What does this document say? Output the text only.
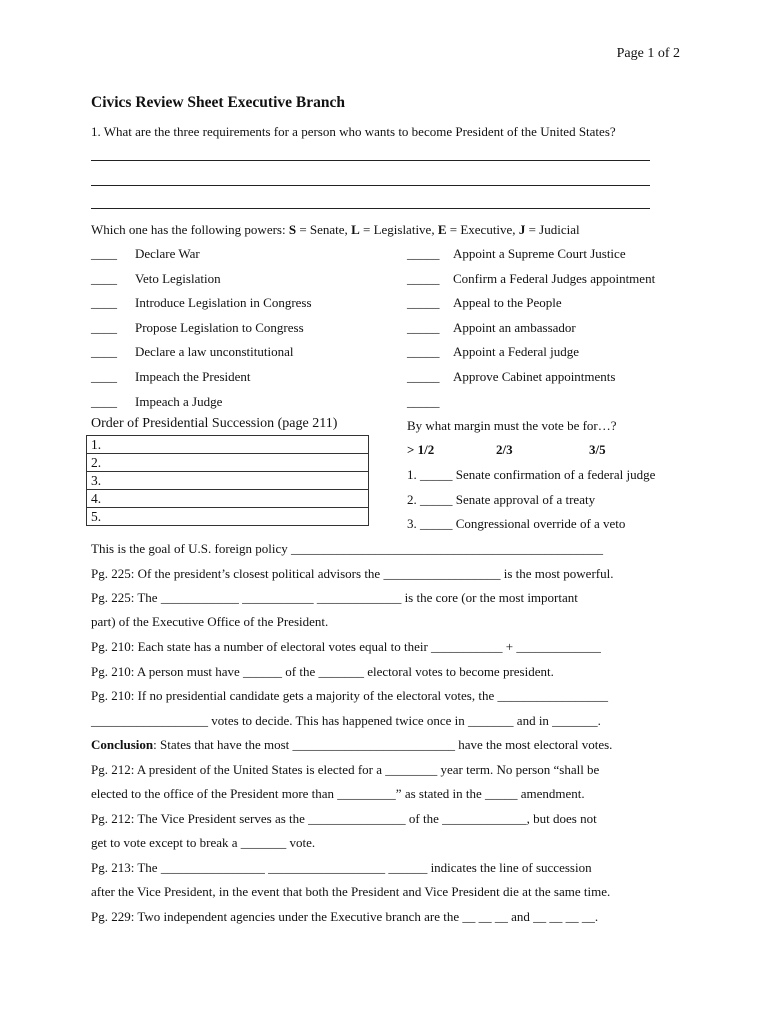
Page 1 of 2
Civics Review Sheet Executive Branch
1. What are the three requirements for a person who wants to become President of the United States?
Which one has the following powers: S = Senate, L = Legislative, E = Executive, J = Judicial
____ Declare War
____ Veto Legislation
____ Introduce Legislation in Congress
____ Propose Legislation to Congress
____ Declare a law unconstitutional
____ Impeach the President
____ Impeach a Judge
_____ Appoint a Supreme Court Justice
_____ Confirm a Federal Judges appointment
_____ Appeal to the People
_____ Appoint an ambassador
_____ Appoint a Federal judge
_____ Approve Cabinet appointments
_____
Order of Presidential Succession (page 211)
1.
2.
3.
4.
5.
By what margin must the vote be for…?
> 1/2	2/3	3/5
1. _____ Senate confirmation of a federal judge
2. _____ Senate approval of a treaty
3. _____ Congressional override of a veto
This is the goal of U.S. foreign policy ________________________________________________
Pg. 225: Of the president’s closest political advisors the __________________ is the most powerful.
Pg. 225: The ____________ ___________ _____________ is the core (or the most important
part) of the Executive Office of the President.
Pg. 210: Each state has a number of electoral votes equal to their ___________ + _____________
Pg. 210: A person must have ______ of the _______ electoral votes to become president.
Pg. 210: If no presidential candidate gets a majority of the electoral votes, the _________________
__________________ votes to decide. This has happened twice once in _______ and in _______.
Conclusion: States that have the most _________________________ have the most electoral votes.
Pg. 212: A president of the United States is elected for a ________ year term. No person “shall be
elected to the office of the President more than _________” as stated in the _____ amendment.
Pg. 212: The Vice President serves as the _______________ of the _____________, but does not
get to vote except to break a _______ vote.
Pg. 213: The ________________ __________________ ______ indicates the line of succession
after the Vice President, in the event that both the President and Vice President die at the same time.
Pg. 229: Two independent agencies under the Executive branch are the __ __ __ and __ __ __ __.
